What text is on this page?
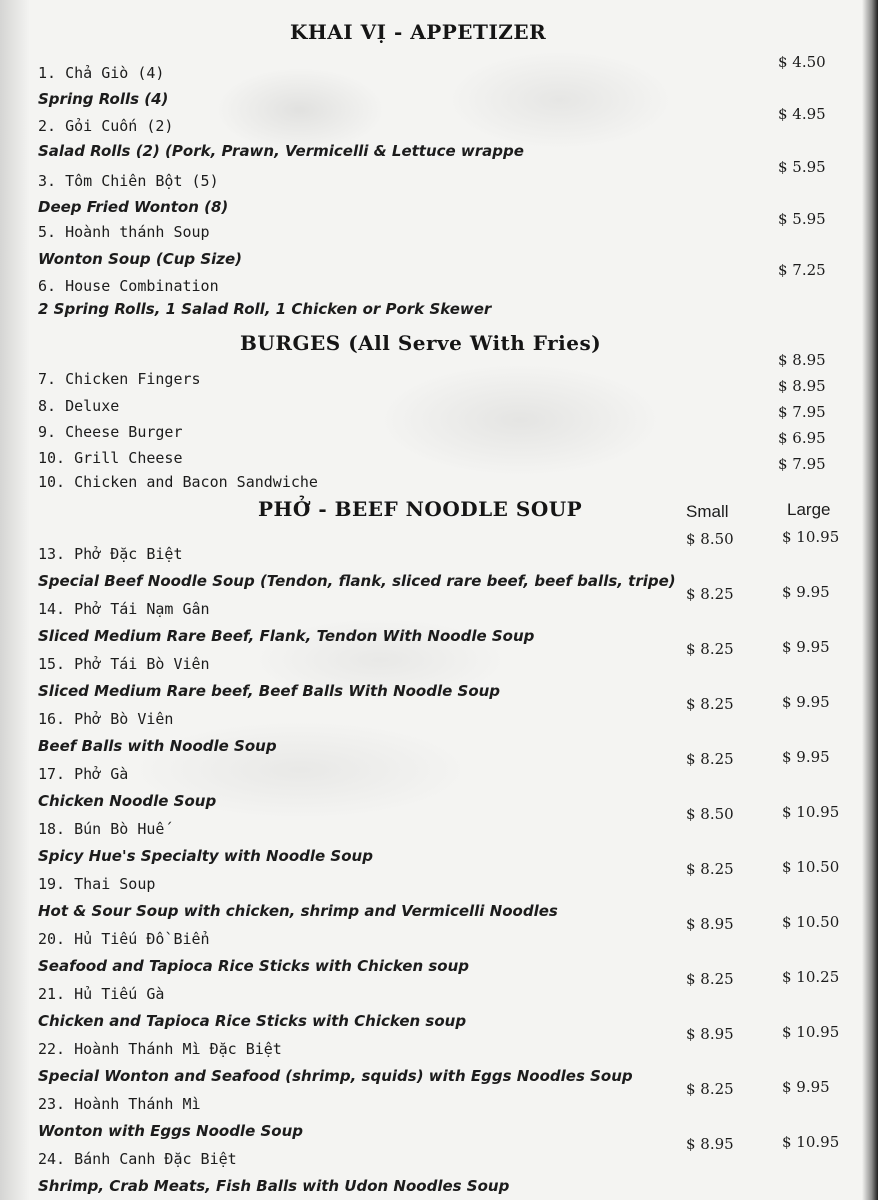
KHAI VỊ - APPETIZER
1. Chả Giò (4)
Spring Rolls (4)
$ 4.50
2. Gỏi Cuốn (2)
Salad Rolls (2) (Pork, Prawn, Vermicelli & Lettuce wrappe
$ 4.95
3. Tôm Chiên Bột (5)
Deep Fried Wonton (8)
$ 5.95
5. Hoành thánh Soup
Wonton Soup (Cup Size)
$ 5.95
6. House Combination
2 Spring Rolls, 1 Salad Roll, 1 Chicken or Pork Skewer
$ 7.25
BURGES (All Serve With Fries)
7. Chicken Fingers
$ 8.95
8. Deluxe
$ 8.95
9. Cheese Burger
$ 7.95
10. Grill Cheese
$ 6.95
10. Chicken and Bacon Sandwiche
$ 7.95
PHỞ - BEEF NOODLE SOUP	Small	Large
13. Phở Đặc Biệt
Special Beef Noodle Soup (Tendon, flank, sliced rare beef, beef balls, tripe)
$ 8.50	$ 10.95
14. Phở Tái Nạm Gân
Sliced Medium Rare Beef, Flank, Tendon With Noodle Soup
$ 8.25	$ 9.95
15. Phở Tái Bò Viên
Sliced Medium Rare beef, Beef Balls With Noodle Soup
$ 8.25	$ 9.95
16. Phở Bò Viên
Beef Balls with Noodle Soup
$ 8.25	$ 9.95
17. Phở Gà
Chicken Noodle Soup
$ 8.25	$ 9.95
18. Bún Bò Huế
Spicy Hue's Specialty with Noodle Soup
$ 8.50	$ 10.95
19. Thai Soup
Hot & Sour Soup with chicken, shrimp and Vermicelli Noodles
$ 8.25	$ 10.50
20. Hủ Tiếu Đồ Biển
Seafood and Tapioca Rice Sticks with Chicken soup
$ 8.95	$ 10.50
21. Hủ Tiếu Gà
Chicken and Tapioca Rice Sticks with Chicken soup
$ 8.25	$ 10.25
22. Hoành Thánh Mì Đặc Biệt
Special Wonton and Seafood (shrimp, squids) with Eggs Noodles Soup
$ 8.95	$ 10.95
23. Hoành Thánh Mì
Wonton with Eggs Noodle Soup
$ 8.25	$ 9.95
24. Bánh Canh Đặc Biệt
Shrimp, Crab Meats, Fish Balls with Udon Noodles Soup
$ 8.95	$ 10.95
